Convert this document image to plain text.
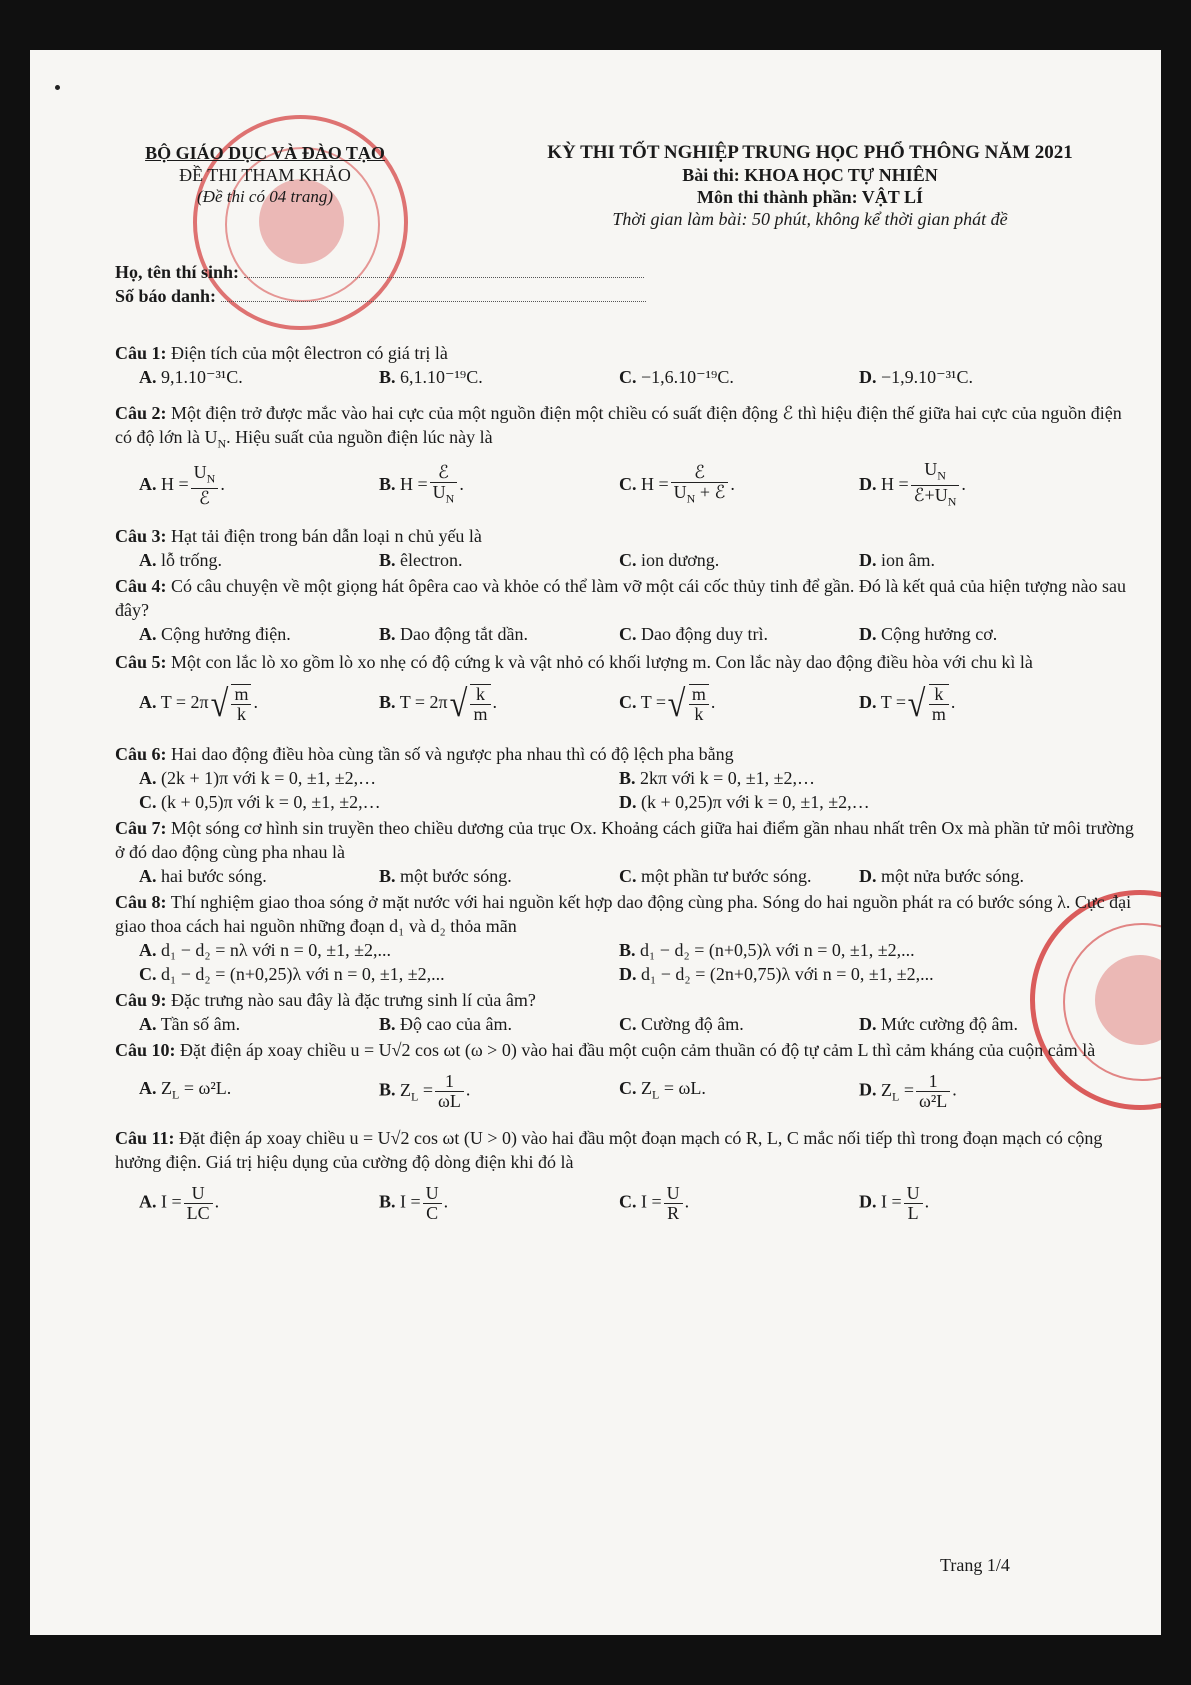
BỘ GIÁO DỤC VÀ ĐÀO TẠO
ĐỀ THI THAM KHẢO
(Đề thi có 04 trang)
KỲ THI TỐT NGHIỆP TRUNG HỌC PHỔ THÔNG NĂM 2021
Bài thi: KHOA HỌC TỰ NHIÊN
Môn thi thành phần: VẬT LÍ
Thời gian làm bài: 50 phút, không kể thời gian phát đề
Họ, tên thí sinh:
Số báo danh:
Câu 1: Điện tích của một êlectron có giá trị là
A. 9,1.10⁻³¹C.	B. 6,1.10⁻¹⁹C.	C. −1,6.10⁻¹⁹C.	D. −1,9.10⁻³¹C.
Câu 2: Một điện trở được mắc vào hai cực của một nguồn điện một chiều có suất điện động ℰ thì hiệu điện thế giữa hai cực của nguồn điện có độ lớn là $U_N$. Hiệu suất của nguồn điện lúc này là
A. $H = \frac{U_N}{\text{ℰ}}$ .	B. $H = \frac{\text{ℰ}}{U_N}$ .	C. $H = \frac{\text{ℰ}}{U_N + ℰ}$ .	D. $H = \frac{U_N}{ℰ+U_N}$ .
Câu 3: Hạt tải điện trong bán dẫn loại n chủ yếu là
A. lỗ trống.	B. êlectron.	C. ion dương.	D. ion âm.
Câu 4: Có câu chuyện về một giọng hát ôpêra cao và khỏe có thể làm vỡ một cái cốc thủy tinh để gần. Đó là kết quả của hiện tượng nào sau đây?
A. Cộng hưởng điện.	B. Dao động tắt dần.	C. Dao động duy trì.	D. Cộng hưởng cơ.
Câu 5: Một con lắc lò xo gồm lò xo nhẹ có độ cứng k và vật nhỏ có khối lượng m. Con lắc này dao động điều hòa với chu kì là
A. T = 2π √ $\frac{m}{k}$ .	B. T = 2π √ $\frac{k}{m}$ .	C. T = √ $\frac{m}{k}$ .	D. T = √ $\frac{k}{m}$ .
Câu 6: Hai dao động điều hòa cùng tần số và ngược pha nhau thì có độ lệch pha bằng
A. (2k + 1)π với k = 0, ±1, ±2,…	B. 2kπ với k = 0, ±1, ±2,…
C. (k + 0,5)π với k = 0, ±1, ±2,…	D. (k + 0,25)π với k = 0, ±1, ±2,…
Câu 7: Một sóng cơ hình sin truyền theo chiều dương của trục Ox. Khoảng cách giữa hai điểm gần nhau nhất trên Ox mà phần tử môi trường ở đó dao động cùng pha nhau là
A. hai bước sóng.	B. một bước sóng.	C. một phần tư bước sóng.	D. một nửa bước sóng.
Câu 8: Thí nghiệm giao thoa sóng ở mặt nước với hai nguồn kết hợp dao động cùng pha. Sóng do hai nguồn phát ra có bước sóng λ. Cực đại giao thoa cách hai nguồn những đoạn d₁ và d₂ thỏa mãn
A. d₁ − d₂ = nλ với n = 0, ±1, ±2,...	B. d₁ − d₂ = (n+0,5)λ với n = 0, ±1, ±2,...
C. d₁ − d₂ = (n+0,25)λ với n = 0, ±1, ±2,...	D. d₁ − d₂ = (2n+0,75)λ với n = 0, ±1, ±2,...
Câu 9: Đặc trưng nào sau đây là đặc trưng sinh lí của âm?
A. Tần số âm.	B. Độ cao của âm.	C. Cường độ âm.	D. Mức cường độ âm.
Câu 10: Đặt điện áp xoay chiều u = U√2 cos ωt (ω > 0) vào hai đầu một cuộn cảm thuần có độ tự cảm L thì cảm kháng của cuộn cảm là
A. $Z_L = \omega^2L$.	B. $Z_L = \frac{1}{\omega L}$ .	C. $Z_L = \omega L$.	D. $Z_L = \frac{1}{\text{ω²L}}$ .
Câu 11: Đặt điện áp xoay chiều u = U√2 cos ωt (U > 0) vào hai đầu một đoạn mạch có R, L, C mắc nối tiếp thì trong đoạn mạch có cộng hưởng điện. Giá trị hiệu dụng của cường độ dòng điện khi đó là
A. $I = \frac{U}{LC}$ .	B. $I = \frac{U}{C}$ .	C. $I = \frac{U}{R}$ .	D. $I = \frac{U}{L}$ .
Trang 1/4
